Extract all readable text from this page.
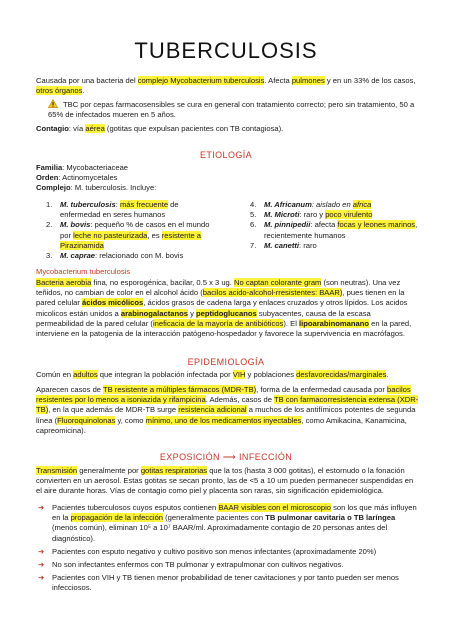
TUBERCULOSIS
Causada por una bacteria del complejo Mycobacterium tuberculosis. Afecta pulmones y en un 33% de los casos, otros órganos.
TBC por cepas farmacosensibles se cura en general con tratamiento correcto; pero sin tratamiento, 50 a 65% de infectados mueren en 5 años.
Contagio: vía aérea (gotitas que expulsan pacientes con TB contagiosa).
ETIOLOGÍA
Familia: Mycobacteriaceae
Orden: Actinomycetales
Complejo: M. tuberculosis. Incluye:
1. M. tuberculosis: más frecuente de enfermedad en seres humanos
2. M. bovis: pequeño % de casos en el mundo por leche no pasteurizada, es resistente a Pirazinamida
3. M. caprae: relacionado con M. bovis
4. M. Africanum: aislado en africa
5. M. Microti: raro y poco virulento
6. M. pinnipedii: afecta focas y leones marinos, recientemente humanos
7. M. canetti: raro
Mycobacterium tuberculosis
Bacteria aerobia fina, no esporogénica, bacilar, 0.5 x 3 ug. No captan colorante gram (son neutras). Una vez teñidos, no cambian de color en el alcohol ácido (bacilos acido-alcohol-rresistentes: BAAR), pues tienen en la pared celular ácidos micólicos, ácidos grasos de cadena larga y enlaces cruzados y otros lípidos. Los acidos micolicos están unidos a arabinogalactanos y peptidoglucanos subyacentes, causa de la escasa permeabilidad de la pared celular (ineficacia de la mayoría de antibióticos). El lipoarabinomanano en la pared, interviene en la patogenia de la interacción patógeno-hospedador y favorece la supervivencia en macrófagos.
EPIDEMIOLOGÍA
Común en adultos que integran la población infectada por VIH y poblaciones desfavorecidas/marginales.
Aparecen casos de TB resistente a múltiples fármacos (MDR-TB), forma de la enfermedad causada por bacilos resistentes por lo menos a isoniazida y rifampicina. Además, casos de TB con farmacorresistencia extensa (XDR-TB), en la que además de MDR-TB surge resistencia adicional a muchos de los antifímicos potentes de segunda línea (Fluoroquinolonas y, como mínimo, uno de los medicamentos inyectables, como Amikacina, Kanamicina, capreomicina).
EXPOSICIÓN ⟶ INFECCIÓN
Transmisión generalmente por gotitas respiratorias que la tos (hasta 3 000 gotitas), el estornudo o la fonación convierten en un aerosol. Estas gotitas se secan pronto, las de <5 a 10 um pueden permanecer suspendidas en el aire durante horas. Vías de contagio como piel y placenta son raras, sin significación epidemiológica.
➜ Pacientes tuberculosos cuyos esputos contienen BAAR visibles con el microscopio son los que más influyen en la propagación de la infección (generalmente pacientes con TB pulmonar cavitaria o TB laríngea (menos común), eliminan 10⁵ a 10⁷ BAAR/ml. Aproximadamente contagio de 20 personas antes del diagnóstico).
➜ Pacientes con esputo negativo y cultivo positivo son menos infectantes (aproximadamente 20%)
➜ No son infectantes enfermos con TB pulmonar y extrapulmonar con cultivos negativos.
➜ Pacientes con VIH y TB tienen menor probabilidad de tener cavitaciones y por tanto pueden ser menos infecciosos.
